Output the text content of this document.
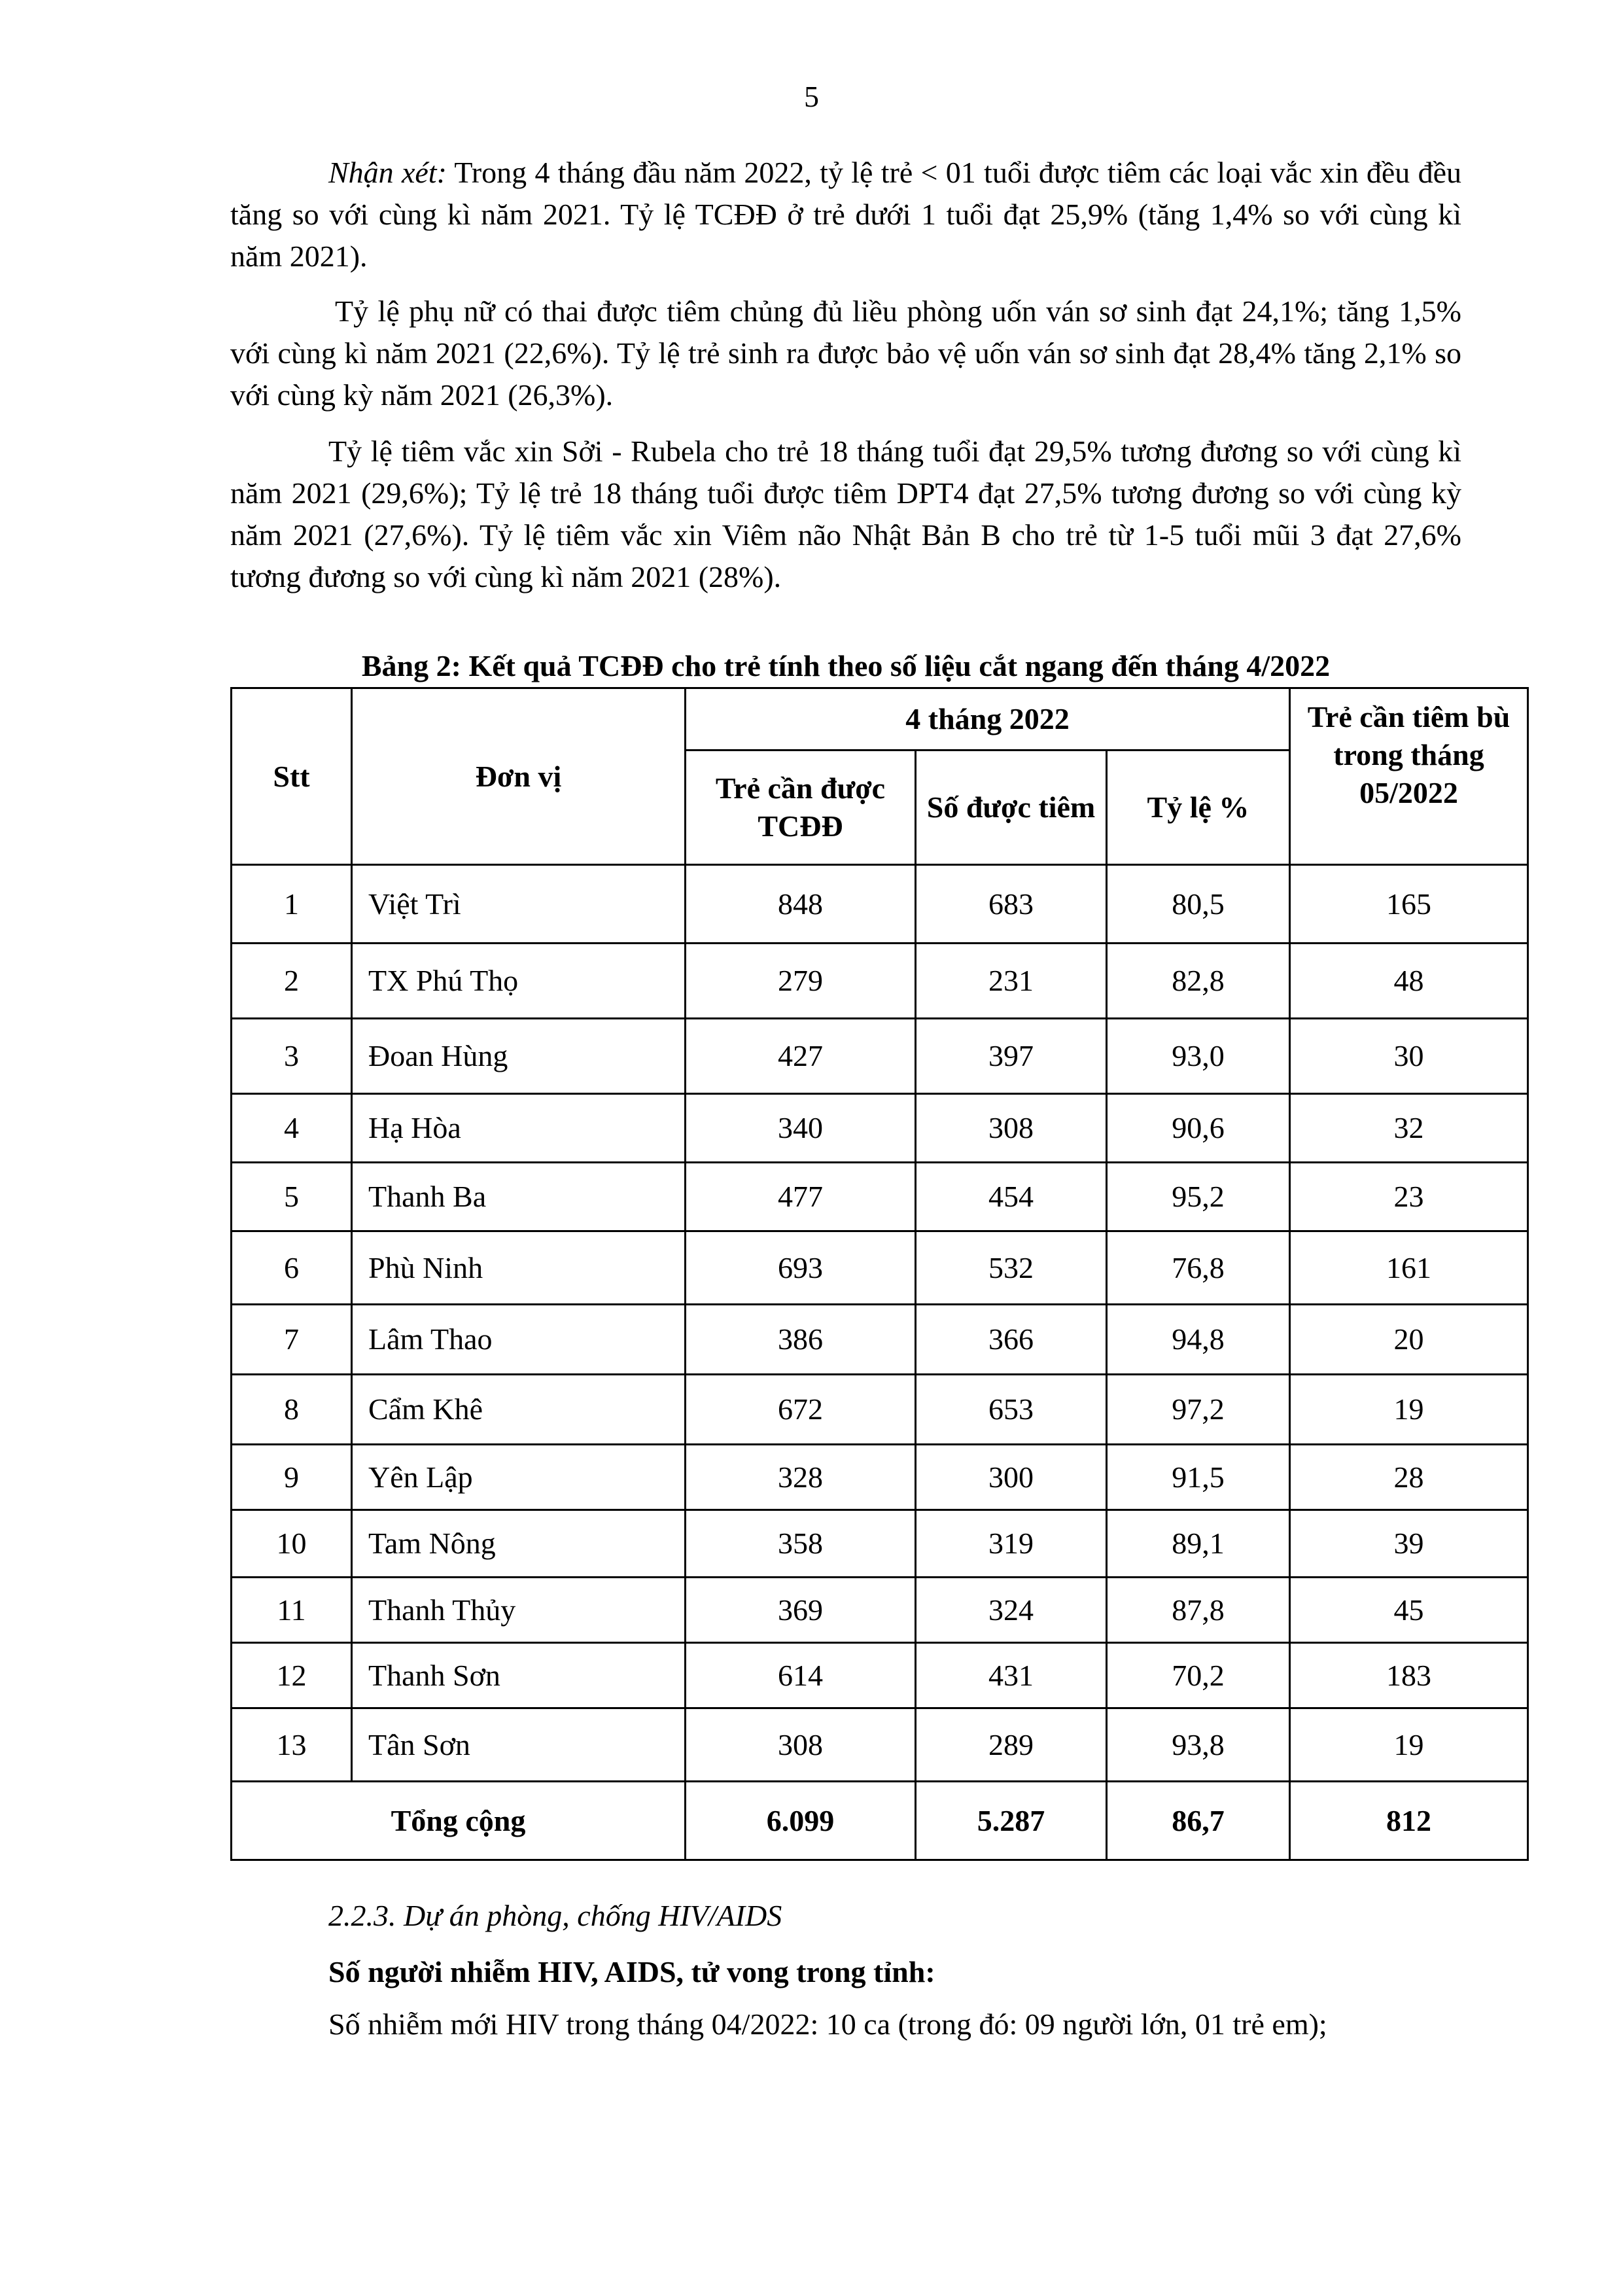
5

Nhận xét: Trong 4 tháng đầu năm 2022, tỷ lệ trẻ < 01 tuổi được tiêm các loại vắc xin đều đều tăng so với cùng kì năm 2021. Tỷ lệ TCĐĐ ở trẻ dưới 1 tuổi đạt 25,9% (tăng 1,4% so với cùng kì năm 2021).

Tỷ lệ phụ nữ có thai được tiêm chủng đủ liều phòng uốn ván sơ sinh đạt 24,1%; tăng 1,5% với cùng kì năm 2021 (22,6%). Tỷ lệ trẻ sinh ra được bảo vệ uốn ván sơ sinh đạt 28,4% tăng 2,1% so với cùng kỳ năm 2021 (26,3%).

Tỷ lệ tiêm vắc xin Sởi - Rubela cho trẻ 18 tháng tuổi đạt 29,5% tương đương so với cùng kì năm 2021 (29,6%); Tỷ lệ trẻ 18 tháng tuổi được tiêm DPT4 đạt 27,5% tương đương so với cùng kỳ năm 2021 (27,6%). Tỷ lệ tiêm vắc xin Viêm não Nhật Bản B cho trẻ từ 1-5 tuổi mũi 3 đạt 27,6% tương đương so với cùng kì năm 2021 (28%).

Bảng 2: Kết quả TCĐĐ cho trẻ tính theo số liệu cắt ngang đến tháng 4/2022
Stt	Đơn vị	4 tháng 2022			Trẻ cần tiêm bù trong tháng 05/2022
		Trẻ cần được TCĐĐ	Số được tiêm	Tỷ lệ %	
1	Việt Trì	848	683	80,5	165
2	TX Phú Thọ	279	231	82,8	48
3	Đoan Hùng	427	397	93,0	30
4	Hạ Hòa	340	308	90,6	32
5	Thanh Ba	477	454	95,2	23
6	Phù Ninh	693	532	76,8	161
7	Lâm Thao	386	366	94,8	20
8	Cẩm Khê	672	653	97,2	19
9	Yên Lập	328	300	91,5	28
10	Tam Nông	358	319	89,1	39
11	Thanh Thủy	369	324	87,8	45
12	Thanh Sơn	614	431	70,2	183
13	Tân Sơn	308	289	93,8	19
Tổng cộng		6.099	5.287	86,7	812
2.2.3. Dự án phòng, chống HIV/AIDS
Số người nhiễm HIV, AIDS, tử vong trong tỉnh:

Số nhiễm mới HIV trong tháng 04/2022: 10 ca (trong đó: 09 người lớn, 01 trẻ em);
